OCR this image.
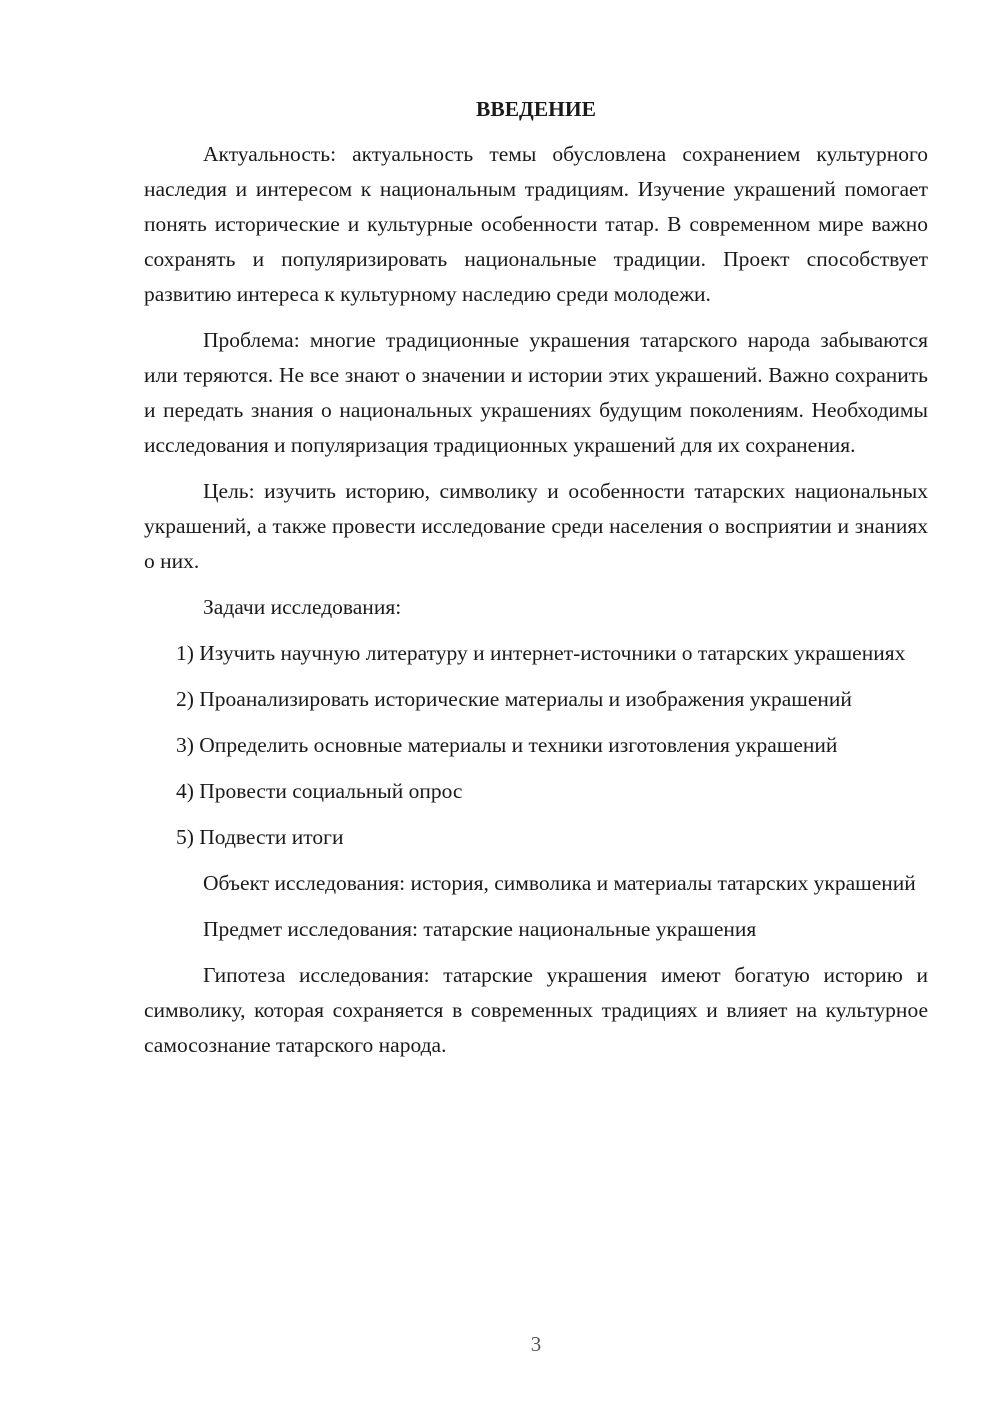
ВВЕДЕНИЕ

Актуальность: актуальность темы обусловлена сохранением культурного наследия и интересом к национальным традициям. Изучение украшений помогает понять исторические и культурные особенности татар. В современном мире важно сохранять и популяризировать национальные традиции. Проект способствует развитию интереса к культурному наследию среди молодежи.

Проблема: многие традиционные украшения татарского народа забываются или теряются. Не все знают о значении и истории этих украшений. Важно сохранить и передать знания о национальных украшениях будущим поколениям. Необходимы исследования и популяризация традиционных украшений для их сохранения.

Цель: изучить историю, символику и особенности татарских национальных украшений, а также провести исследование среди населения о восприятии и знаниях о них.

Задачи исследования:

1) Изучить научную литературу и интернет-источники о татарских украшениях

2) Проанализировать исторические материалы и изображения украшений

3) Определить основные материалы и техники изготовления украшений

4) Провести социальный опрос

5) Подвести итоги

Объект исследования: история, символика и материалы татарских украшений

Предмет исследования: татарские национальные украшения

Гипотеза исследования: татарские украшения имеют богатую историю и символику, которая сохраняется в современных традициях и влияет на культурное самосознание татарского народа.

3
